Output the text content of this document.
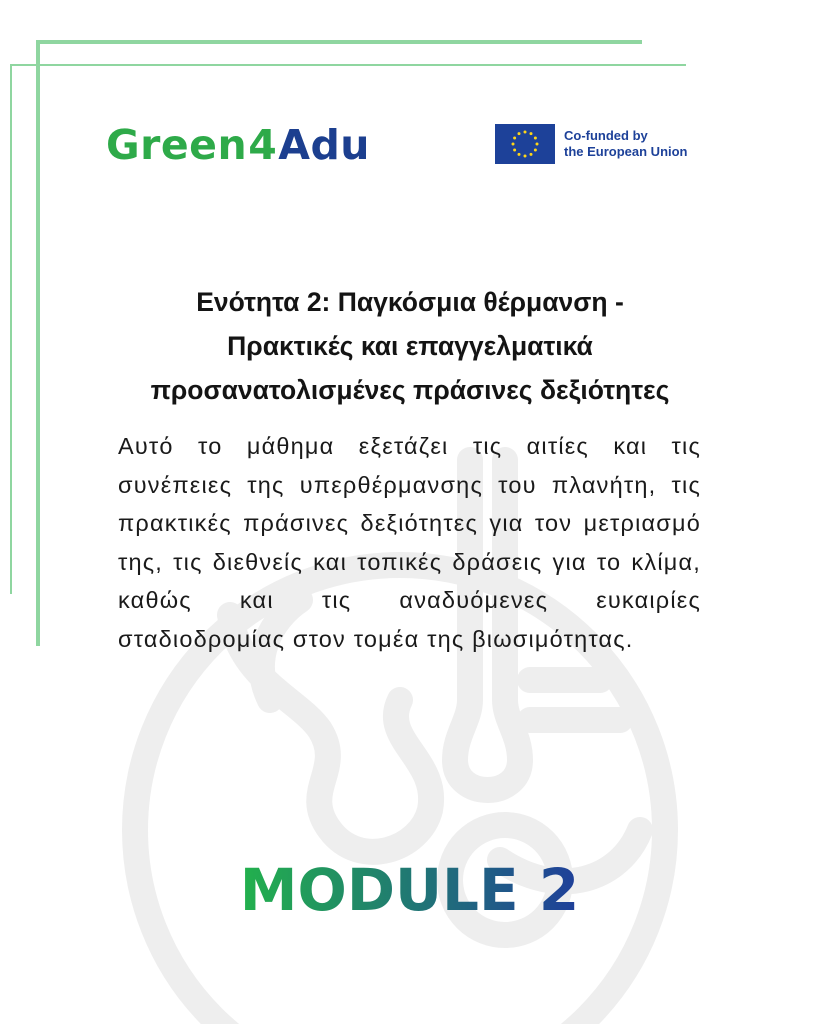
Green 4 Adu	Co-funded by
the European Union
Ενότητα 2: Παγκόσμια θέρμανση -
Πρακτικές και επαγγελματικά
προσανατολισμένες πράσινες δεξιότητες
Αυτό το μάθημα εξετάζει τις αιτίες και τις συνέπειες της υπερθέρμανσης του πλανήτη, τις πρακτικές πράσινες δεξιότητες για τον μετριασμό της, τις διεθνείς και τοπικές δράσεις για το κλίμα, καθώς και τις αναδυόμενες ευκαιρίες σταδιοδρομίας στον τομέα της βιωσιμότητας.
MODULE 2
